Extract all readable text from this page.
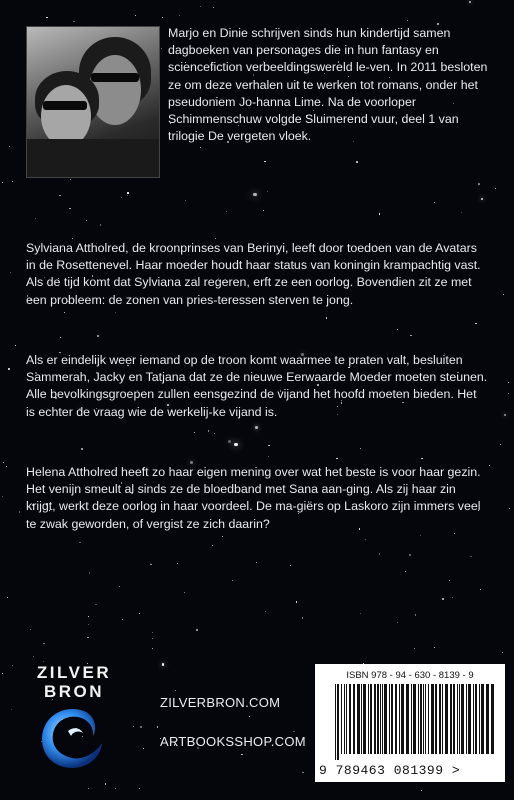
Marjo en Dinie schrijven sinds hun kindertijd samen dagboeken van personages die in hun fantasy en sciencefiction verbeeldingswereld le-ven. In 2011 besloten ze om deze verhalen uit te werken tot romans, onder het pseudoniem Jo-hanna Lime. Na de voorloper Schimmenschuw volgde Sluimerend vuur, deel 1 van trilogie De vergeten vloek.

Sylviana Attholred, de kroonprinses van Berinyi, leeft door toedoen van de Avatars in de Rosettenevel. Haar moeder houdt haar status van koningin krampachtig vast. Als de tijd komt dat Sylviana zal regeren, erft ze een oorlog. Bovendien zit ze met een probleem: de zonen van pries-teressen sterven te jong.

Als er eindelijk weer iemand op de troon komt waarmee te praten valt, besluiten Sammerah, Jacky en Tatjana dat ze de nieuwe Eerwaarde Moeder moeten steunen. Alle bevolkingsgroepen zullen eensgezind de vijand het hoofd moeten bieden. Het is echter de vraag wie de werkelij-ke vijand is.

Helena Attholred heeft zo haar eigen mening over wat het beste is voor haar gezin. Het venijn smeult al sinds ze de bloedband met Sana aan-ging. Als zij haar zin krijgt, werkt deze oorlog in haar voordeel. De ma-giërs op Laskoro zijn immers veel te zwak geworden, of vergist ze zich daarin?

ZILVER
BRON
ZILVERBRON.COM
ARTBOOKSSHOP.COM
ISBN 978 - 94 - 630 - 8139 - 9
9 789463 081399 >
